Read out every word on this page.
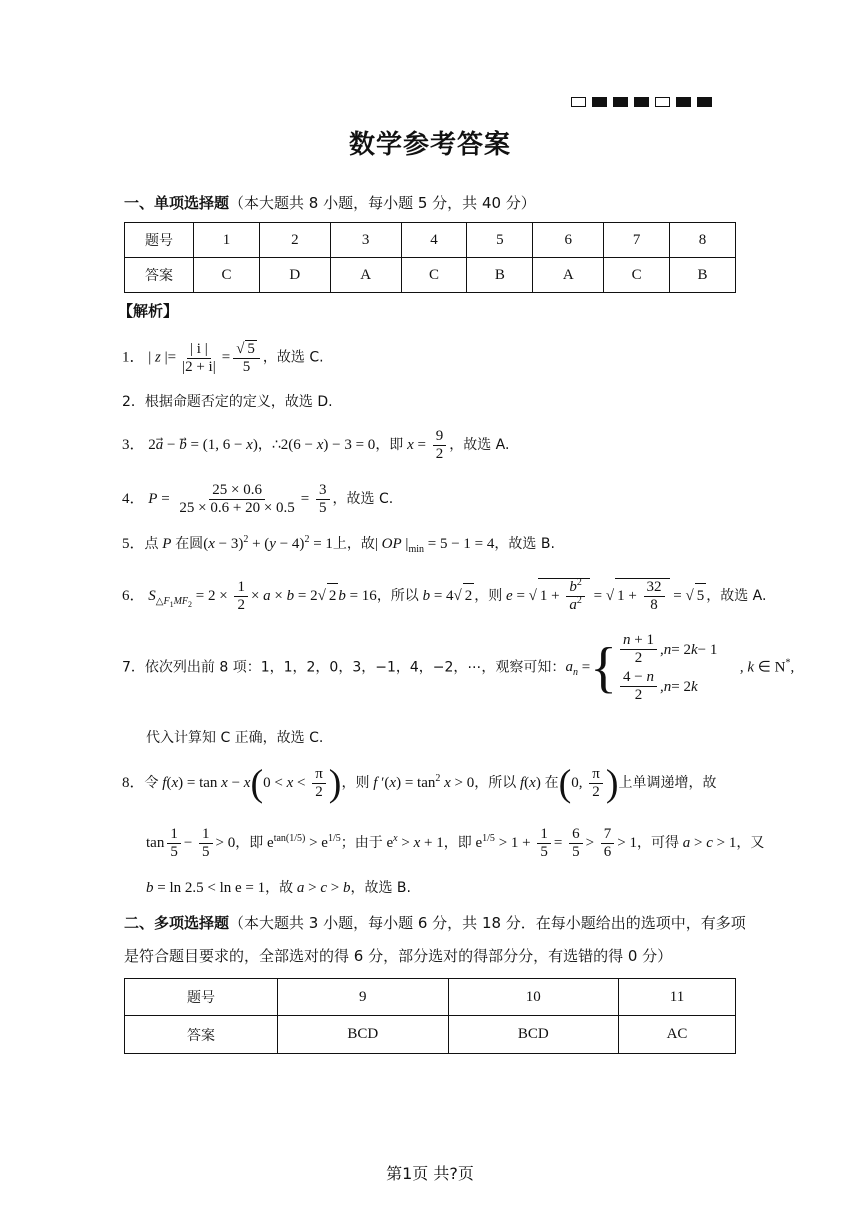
数学参考答案
一、单项选择题（本大题共 8 小题，每小题 5 分，共 40 分）
题号	1	2	3	4	5	6	7	8
答案	C	D	A	C	B	A	C	B
【解析】
1． | z |= $\frac{| i |}{|2 + i|} = \frac{√ 5}{5}$ ，故选 C.
2．根据命题否定的定义，故选 D.
3． 2a⃗ − b⃗ = (1, 6 − x)，∴2(6 − x) − 3 = 0，即 $x = \frac{9}{2}$ ，故选 A.
4． $P = \frac{25 \times 0.6}{25 \times 0.6 + 20 \times 0.5} = \frac{3}{5}$ ，故选 C.
5．点 P 在圆$(x - 3)^2 + (y - 4)^2 = 1$上，故| OP $|_{min} = 5 - 1 = 4$，故选 B.
6． $S_{\triangle F_1MF_2} = 2 \times \frac{1}{2} \times a \times b = 2√$ 2 b = 16，所以 b = 4√ 2 ，则 e = √ $1 + \frac{b^2}{a^2}$ = √ $1 + \frac{32}{8}$ = √ 5 ，故选 A.
7．依次列出前 8 项：1，1，2，0，3，−1，4，−2，⋯，观察可知：$a_n$ ={ $\frac{n + 1}{2}$ , n = 2 k − 1
$\frac{4 - n}{2}$ , n = 2 k
, k ∈ N*,
代入计算知 C 正确，故选 C.
8．令 $f(x) = \tan x - x(0 < x < \frac{\pi}{2}$ )，则 f $'(x) = \tan^2 x > 0$，所以 f(x) 在(0, $\frac{\pi}{2}$ )上单调递增，故
$\tan \frac{1}{5} - \frac{1}{5} > 0$，即 $e^{tan(1/5)} > e^{1/5}$；由于 $e^x > x + 1$，即 $e^{1/5} > 1 + \frac{1}{5} = \frac{6}{5} > \frac{7}{6} > 1$，可得 a > c > 1，又
b = ln 2.5 < ln e = 1，故 a > c > b，故选 B.
二、多项选择题（本大题共 3 小题，每小题 6 分，共 18 分．在每小题给出的选项中，有多项
是符合题目要求的，全部选对的得 6 分，部分选对的得部分分，有选错的得 0 分）
题号	9	10	11
答案	BCD	BCD	AC
第1页 共?页
